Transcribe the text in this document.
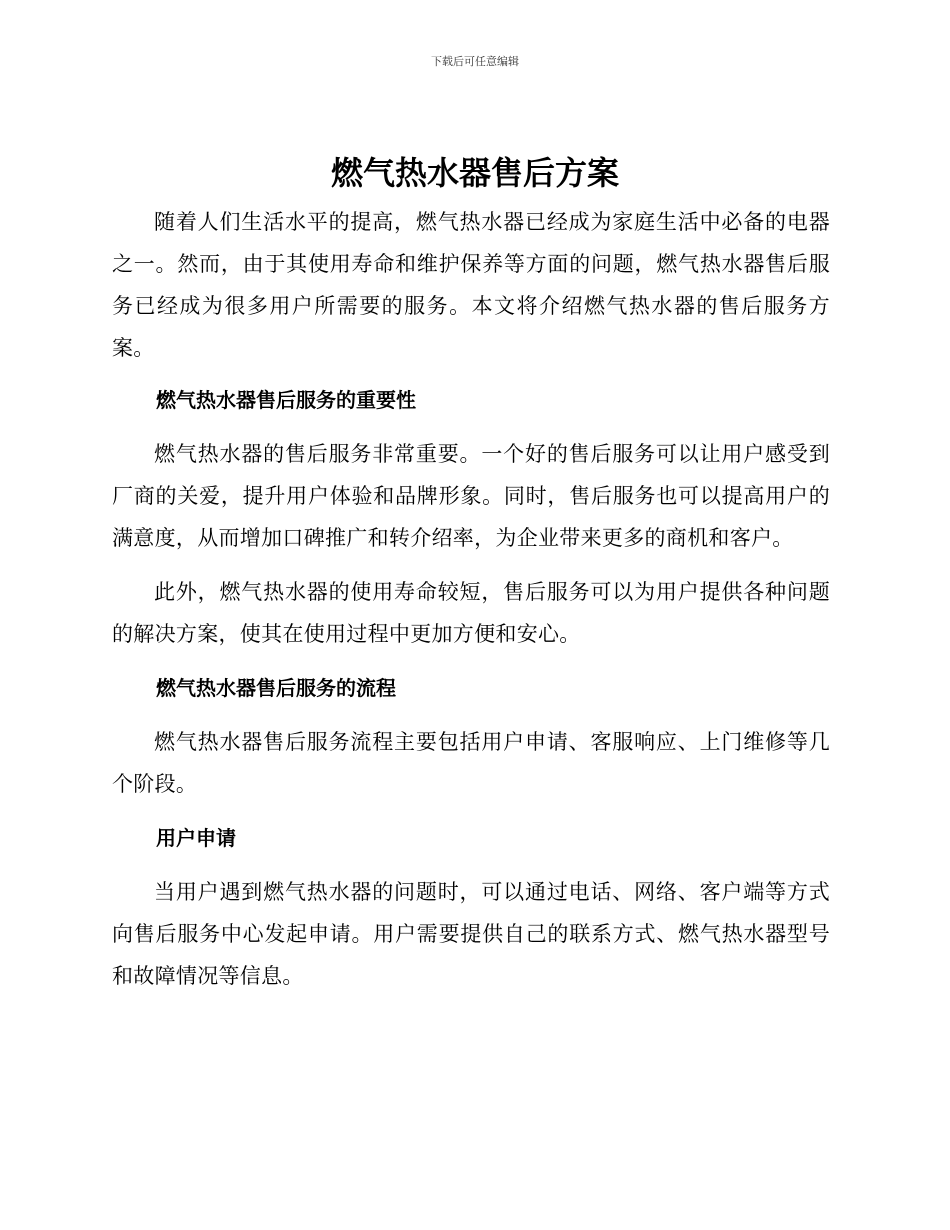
下载后可任意编辑
燃气热水器售后方案

随着人们生活水平的提高，燃气热水器已经成为家庭生活中必备的电器之一。然而，由于其使用寿命和维护保养等方面的问题，燃气热水器售后服务已经成为很多用户所需要的服务。本文将介绍燃气热水器的售后服务方案。

燃气热水器售后服务的重要性

燃气热水器的售后服务非常重要。一个好的售后服务可以让用户感受到厂商的关爱，提升用户体验和品牌形象。同时，售后服务也可以提高用户的满意度，从而增加口碑推广和转介绍率，为企业带来更多的商机和客户。

此外，燃气热水器的使用寿命较短，售后服务可以为用户提供各种问题的解决方案，使其在使用过程中更加方便和安心。

燃气热水器售后服务的流程

燃气热水器售后服务流程主要包括用户申请、客服响应、上门维修等几个阶段。

用户申请

当用户遇到燃气热水器的问题时，可以通过电话、网络、客户端等方式向售后服务中心发起申请。用户需要提供自己的联系方式、燃气热水器型号和故障情况等信息。
